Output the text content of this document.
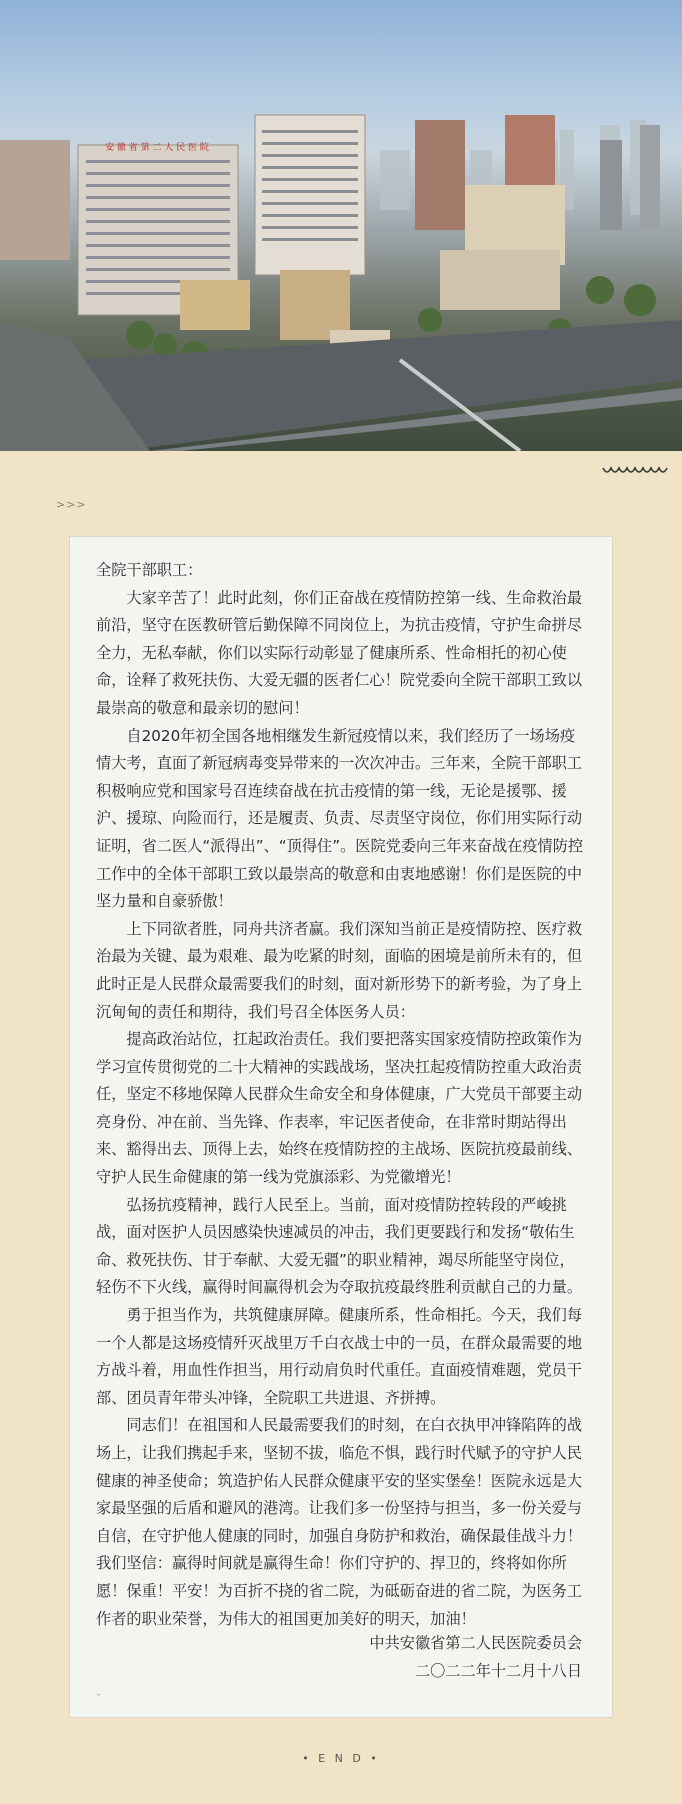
安 徽 省 第 二 人 民 医 院
>>>

全院干部职工：

大家辛苦了！此时此刻，你们正奋战在疫情防控第一线、生命救治最前沿，坚守在医教研管后勤保障不同岗位上，为抗击疫情，守护生命拼尽全力，无私奉献，你们以实际行动彰显了健康所系、性命相托的初心使命，诠释了救死扶伤、大爱无疆的医者仁心！院党委向全院干部职工致以最崇高的敬意和最亲切的慰问！

自2020年初全国各地相继发生新冠疫情以来，我们经历了一场场疫情大考，直面了新冠病毒变异带来的一次次冲击。三年来，全院干部职工积极响应党和国家号召连续奋战在抗击疫情的第一线，无论是援鄂、援沪、援琼、向险而行，还是履责、负责、尽责坚守岗位，你们用实际行动证明，省二医人“派得出”、“顶得住”。医院党委向三年来奋战在疫情防控工作中的全体干部职工致以最崇高的敬意和由衷地感谢！你们是医院的中坚力量和自豪骄傲！

上下同欲者胜，同舟共济者赢。我们深知当前正是疫情防控、医疗救治最为关键、最为艰难、最为吃紧的时刻，面临的困境是前所未有的，但此时正是人民群众最需要我们的时刻，面对新形势下的新考验，为了身上沉甸甸的责任和期待，我们号召全体医务人员：

提高政治站位，扛起政治责任。我们要把落实国家疫情防控政策作为学习宣传贯彻党的二十大精神的实践战场，坚决扛起疫情防控重大政治责任，坚定不移地保障人民群众生命安全和身体健康，广大党员干部要主动亮身份、冲在前、当先锋、作表率，牢记医者使命，在非常时期站得出来、豁得出去、顶得上去，始终在疫情防控的主战场、医院抗疫最前线、守护人民生命健康的第一线为党旗添彩、为党徽增光！

弘扬抗疫精神，践行人民至上。当前，面对疫情防控转段的严峻挑战，面对医护人员因感染快速减员的冲击，我们更要践行和发扬“敬佑生命、救死扶伤、甘于奉献、大爱无疆”的职业精神，竭尽所能坚守岗位，轻伤不下火线，赢得时间赢得机会为夺取抗疫最终胜利贡献自己的力量。

勇于担当作为，共筑健康屏障。健康所系，性命相托。今天，我们每一个人都是这场疫情歼灭战里万千白衣战士中的一员，在群众最需要的地方战斗着，用血性作担当，用行动肩负时代重任。直面疫情难题，党员干部、团员青年带头冲锋，全院职工共进退、齐拼搏。

同志们！在祖国和人民最需要我们的时刻，在白衣执甲冲锋陷阵的战场上，让我们携起手来，坚韧不拔，临危不惧，践行时代赋予的守护人民健康的神圣使命；筑造护佑人民群众健康平安的坚实堡垒！医院永远是大家最坚强的后盾和避风的港湾。让我们多一份坚持与担当，多一份关爱与自信，在守护他人健康的同时，加强自身防护和救治，确保最佳战斗力！我们坚信：赢得时间就是赢得生命！你们守护的、捍卫的，终将如你所愿！保重！平安！为百折不挠的省二院，为砥砺奋进的省二院，为医务工作者的职业荣誉，为伟大的祖国更加美好的明天，加油！

中共安徽省第二人民医院委员会
二〇二二年十二月十八日
-
• E N D •
